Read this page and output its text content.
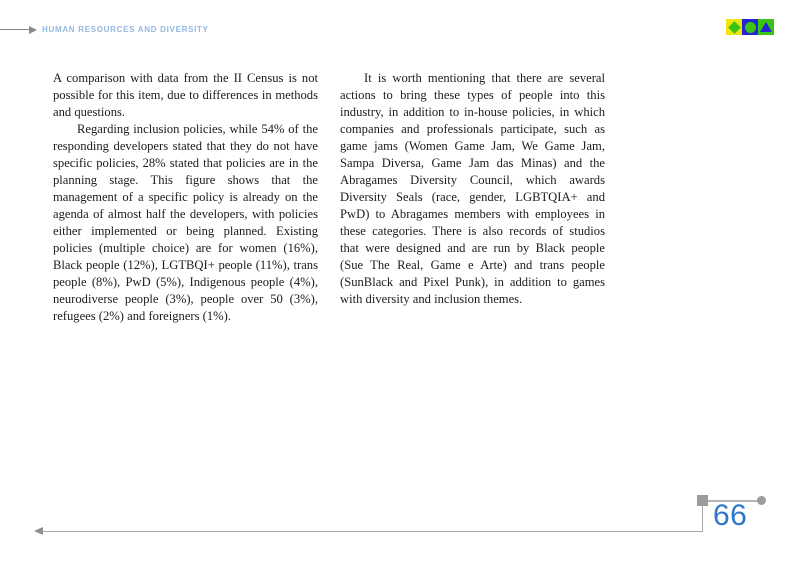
HUMAN RESOURCES AND DIVERSITY

A comparison with data from the II Census is not possible for this item, due to differences in methods and questions.

Regarding inclusion policies, while 54% of the responding developers stated that they do not have specific policies, 28% stated that policies are in the planning stage. This figure shows that the management of a specific policy is already on the agenda of almost half the developers, with policies either implemented or being planned. Existing policies (multiple choice) are for women (16%), Black people (12%), LGTBQI+ people (11%), trans people (8%), PwD (5%), Indigenous people (4%), neurodiverse people (3%), people over 50 (3%), refugees (2%) and foreigners (1%).

It is worth mentioning that there are several actions to bring these types of people into this industry, in addition to in-house policies, in which companies and professionals participate, such as game jams (Women Game Jam, We Game Jam, Sampa Diversa, Game Jam das Minas) and the Abragames Diversity Council, which awards Diversity Seals (race, gender, LGBTQIA+ and PwD) to Abragames members with employees in these categories. There is also records of studios that were designed and are run by Black people (Sue The Real, Game e Arte) and trans people (SunBlack and Pixel Punk), in addition to games with diversity and inclusion themes.

66
